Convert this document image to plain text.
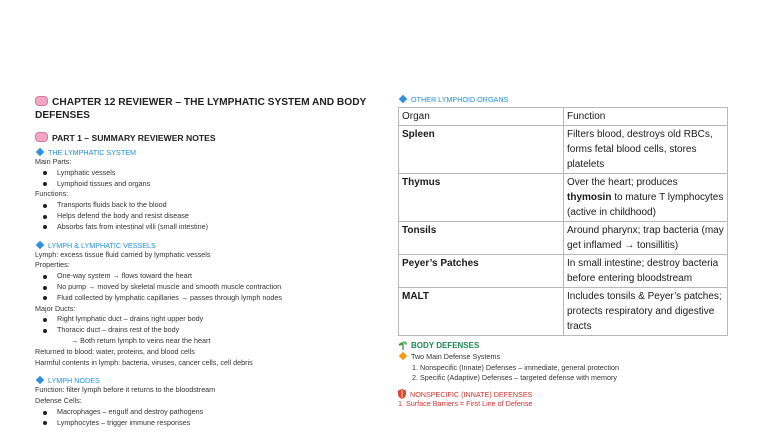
CHAPTER 12 REVIEWER – THE LYMPHATIC SYSTEM AND BODY DEFENSES
PART 1 – SUMMARY REVIEWER NOTES
THE LYMPHATIC SYSTEM
Main Parts:
Lymphatic vessels
Lymphoid tissues and organs
Functions:
Transports fluids back to the blood
Helps defend the body and resist disease
Absorbs fats from intestinal villi (small intestine)
LYMPH & LYMPHATIC VESSELS
Lymph: excess tissue fluid carried by lymphatic vessels
Properties:
One-way system → flows toward the heart
No pump → moved by skeletal muscle and smooth muscle contraction
Fluid collected by lymphatic capillaries → passes through lymph nodes
Major Ducts:
Right lymphatic duct – drains right upper body
Thoracic duct – drains rest of the body
→ Both return lymph to veins near the heart
Returned to blood: water, proteins, and blood cells
Harmful contents in lymph: bacteria, viruses, cancer cells, cell debris
LYMPH NODES
Function: filter lymph before it returns to the bloodstream
Defense Cells:
Macrophages – engulf and destroy pathogens
Lymphocytes – trigger immune responses
OTHER LYMPHOID ORGANS
Organ	Function
Spleen	Filters blood, destroys old RBCs, forms fetal blood cells, stores platelets
Thymus	Over the heart; produces thymosin to mature T lymphocytes (active in childhood)
Tonsils	Around pharynx; trap bacteria (may get inflamed → tonsillitis)
Peyer’s Patches	In small intestine; destroy bacteria before entering bloodstream
MALT	Includes tonsils & Peyer’s patches; protects respiratory and digestive tracts
BODY DEFENSES
Two Main Defense Systems
1. Nonspecific (Innate) Defenses – immediate, general protection
2. Specific (Adaptive) Defenses – targeted defense with memory
NONSPECIFIC (INNATE) DEFENSES
1. Surface Barriers = First Line of Defense
